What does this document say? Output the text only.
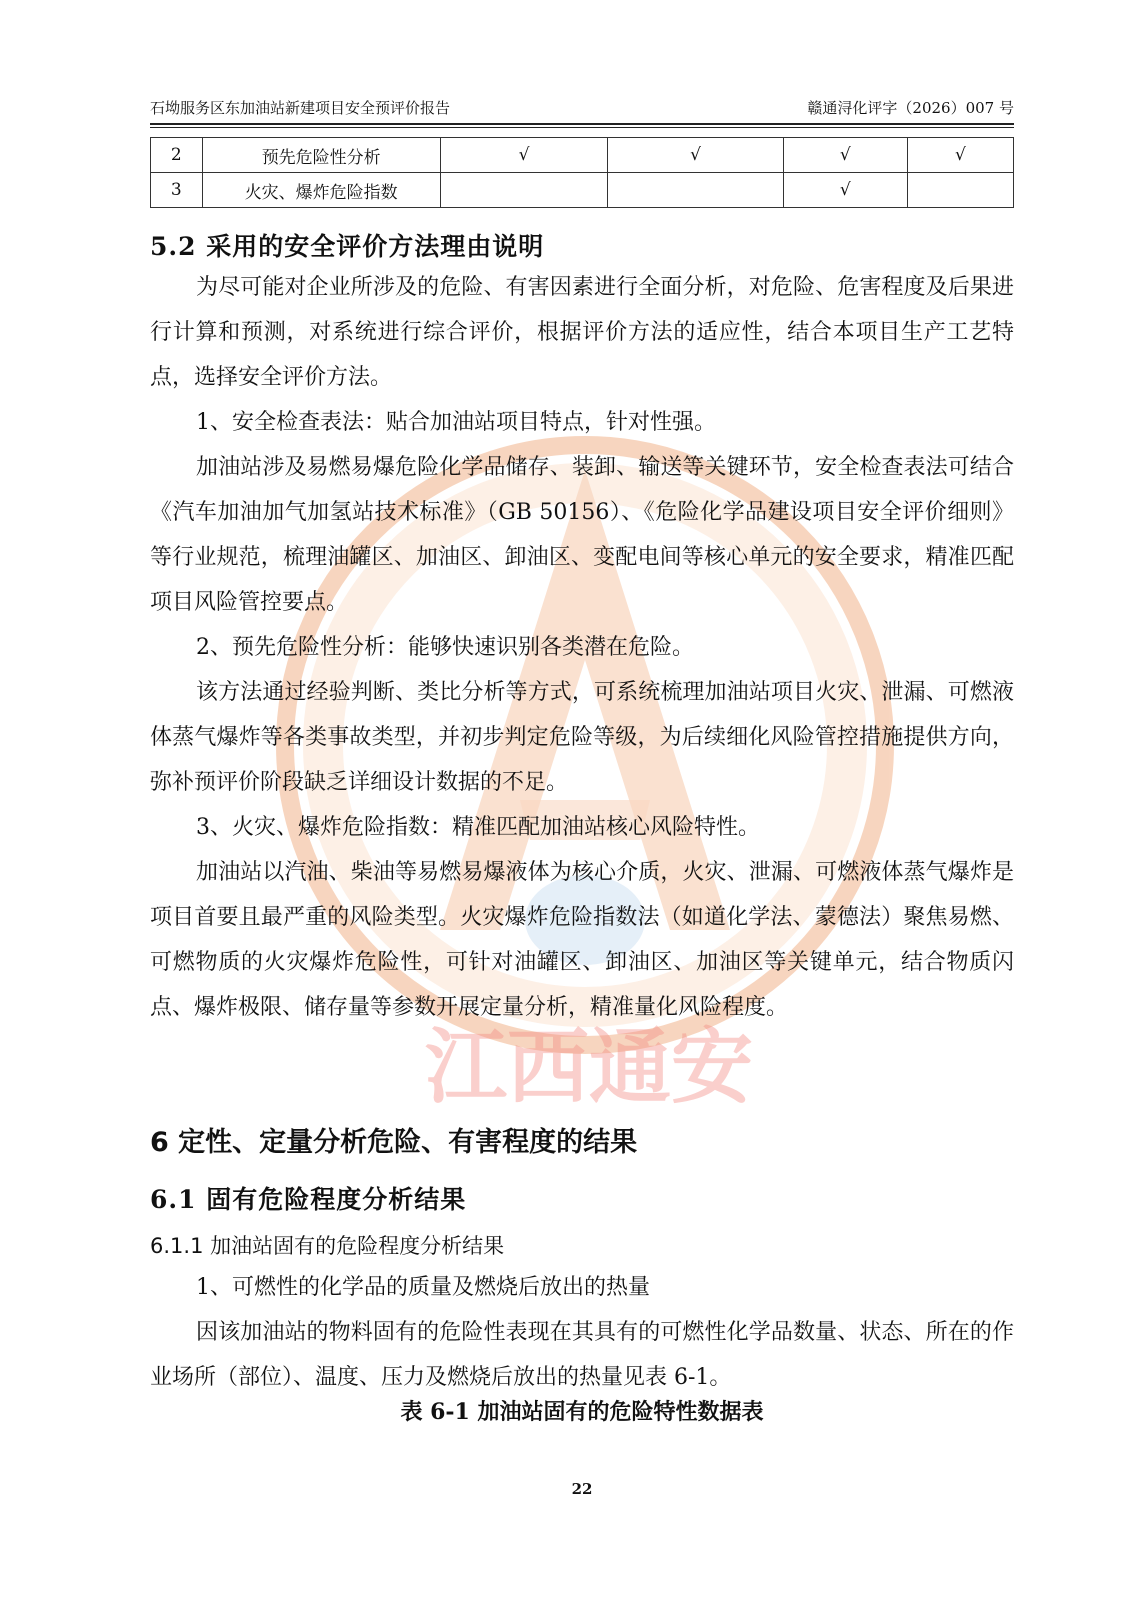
江西通安
石坳服务区东加油站新建项目安全预评价报告	赣通浔化评字（2026）007 号
2	预先危险性分析	√	√	√	√
3	火灾、爆炸危险指数			√	
5.2 采用的安全评价方法理由说明

为尽可能对企业所涉及的危险、有害因素进行全面分析，对危险、危害程度及后果进行计算和预测，对系统进行综合评价，根据评价方法的适应性，结合本项目生产工艺特点，选择安全评价方法。

1、安全检查表法：贴合加油站项目特点，针对性强。

加油站涉及易燃易爆危险化学品储存、装卸、输送等关键环节，安全检查表法可结合《汽车加油加气加氢站技术标准》（GB 50156）、《危险化学品建设项目安全评价细则》等行业规范，梳理油罐区、加油区、卸油区、变配电间等核心单元的安全要求，精准匹配项目风险管控要点。

2、预先危险性分析：能够快速识别各类潜在危险。

该方法通过经验判断、类比分析等方式，可系统梳理加油站项目火灾、泄漏、可燃液体蒸气爆炸等各类事故类型，并初步判定危险等级，为后续细化风险管控措施提供方向，弥补预评价阶段缺乏详细设计数据的不足。

3、火灾、爆炸危险指数：精准匹配加油站核心风险特性。

加油站以汽油、柴油等易燃易爆液体为核心介质，火灾、泄漏、可燃液体蒸气爆炸是项目首要且最严重的风险类型。火灾爆炸危险指数法（如道化学法、蒙德法）聚焦易燃、可燃物质的火灾爆炸危险性，可针对油罐区、卸油区、加油区等关键单元，结合物质闪点、爆炸极限、储存量等参数开展定量分析，精准量化风险程度。

6 定性、定量分析危险、有害程度的结果
6.1 固有危险程度分析结果
6.1.1 加油站固有的危险程度分析结果

1、可燃性的化学品的质量及燃烧后放出的热量

因该加油站的物料固有的危险性表现在其具有的可燃性化学品数量、状态、所在的作业场所（部位）、温度、压力及燃烧后放出的热量见表 6-1。

表 6-1 加油站固有的危险特性数据表
22
